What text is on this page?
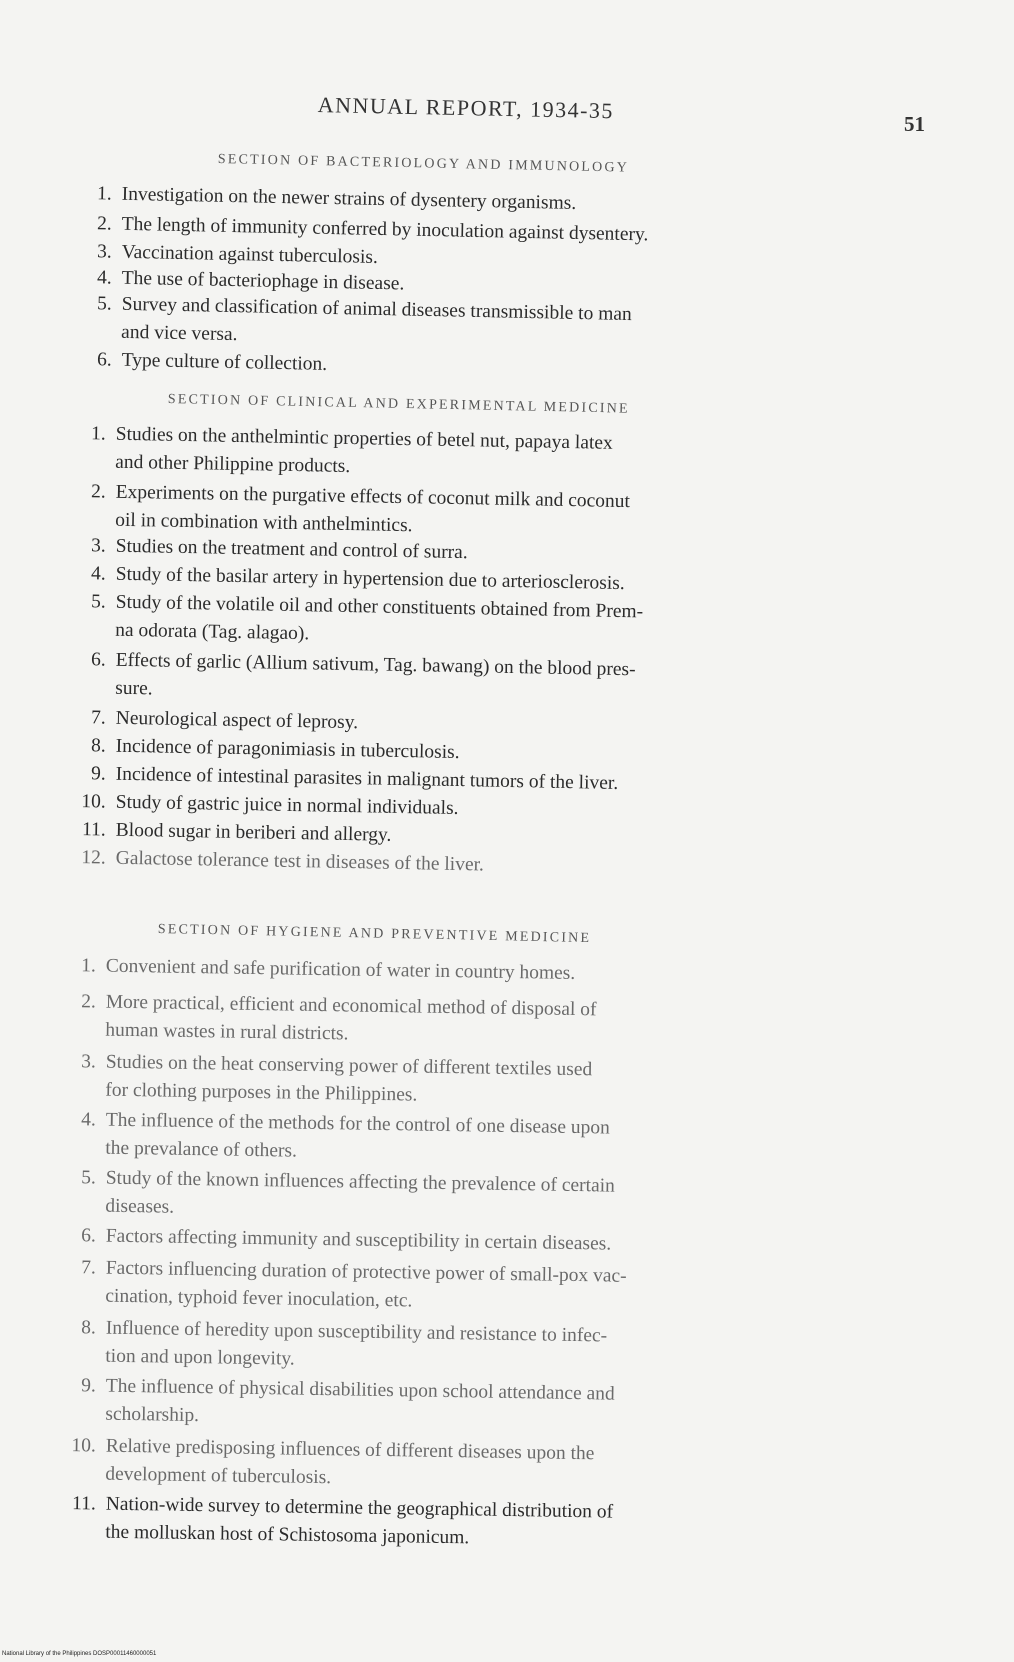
ANNUAL REPORT, 1934-35
51
SECTION OF BACTERIOLOGY AND IMMUNOLOGY
1. Investigation on the newer strains of dysentery organisms.
2. The length of immunity conferred by inoculation against dysentery.
3. Vaccination against tuberculosis.
4. The use of bacteriophage in disease.
5. Survey and classification of animal diseases transmissible to man
and vice versa.
6. Type culture of collection.
SECTION OF CLINICAL AND EXPERIMENTAL MEDICINE
1. Studies on the anthelmintic properties of betel nut, papaya latex
and other Philippine products.
2. Experiments on the purgative effects of coconut milk and coconut
oil in combination with anthelmintics.
3. Studies on the treatment and control of surra.
4. Study of the basilar artery in hypertension due to arteriosclerosis.
5. Study of the volatile oil and other constituents obtained from Prem-
na odorata (Tag. alagao).
6. Effects of garlic (Allium sativum, Tag. bawang) on the blood pres-
sure.
7. Neurological aspect of leprosy.
8. Incidence of paragonimiasis in tuberculosis.
9. Incidence of intestinal parasites in malignant tumors of the liver.
10. Study of gastric juice in normal individuals.
11. Blood sugar in beriberi and allergy.
12. Galactose tolerance test in diseases of the liver.
SECTION OF HYGIENE AND PREVENTIVE MEDICINE
1. Convenient and safe purification of water in country homes.
2. More practical, efficient and economical method of disposal of
human wastes in rural districts.
3. Studies on the heat conserving power of different textiles used
for clothing purposes in the Philippines.
4. The influence of the methods for the control of one disease upon
the prevalance of others.
5. Study of the known influences affecting the prevalence of certain
diseases.
6. Factors affecting immunity and susceptibility in certain diseases.
7. Factors influencing duration of protective power of small-pox vac-
cination, typhoid fever inoculation, etc.
8. Influence of heredity upon susceptibility and resistance to infec-
tion and upon longevity.
9. The influence of physical disabilities upon school attendance and
scholarship.
10. Relative predisposing influences of different diseases upon the
development of tuberculosis.
11. Nation-wide survey to determine the geographical distribution of
the molluskan host of Schistosoma japonicum.
National Library of the Philippines DOSP00011460000051
